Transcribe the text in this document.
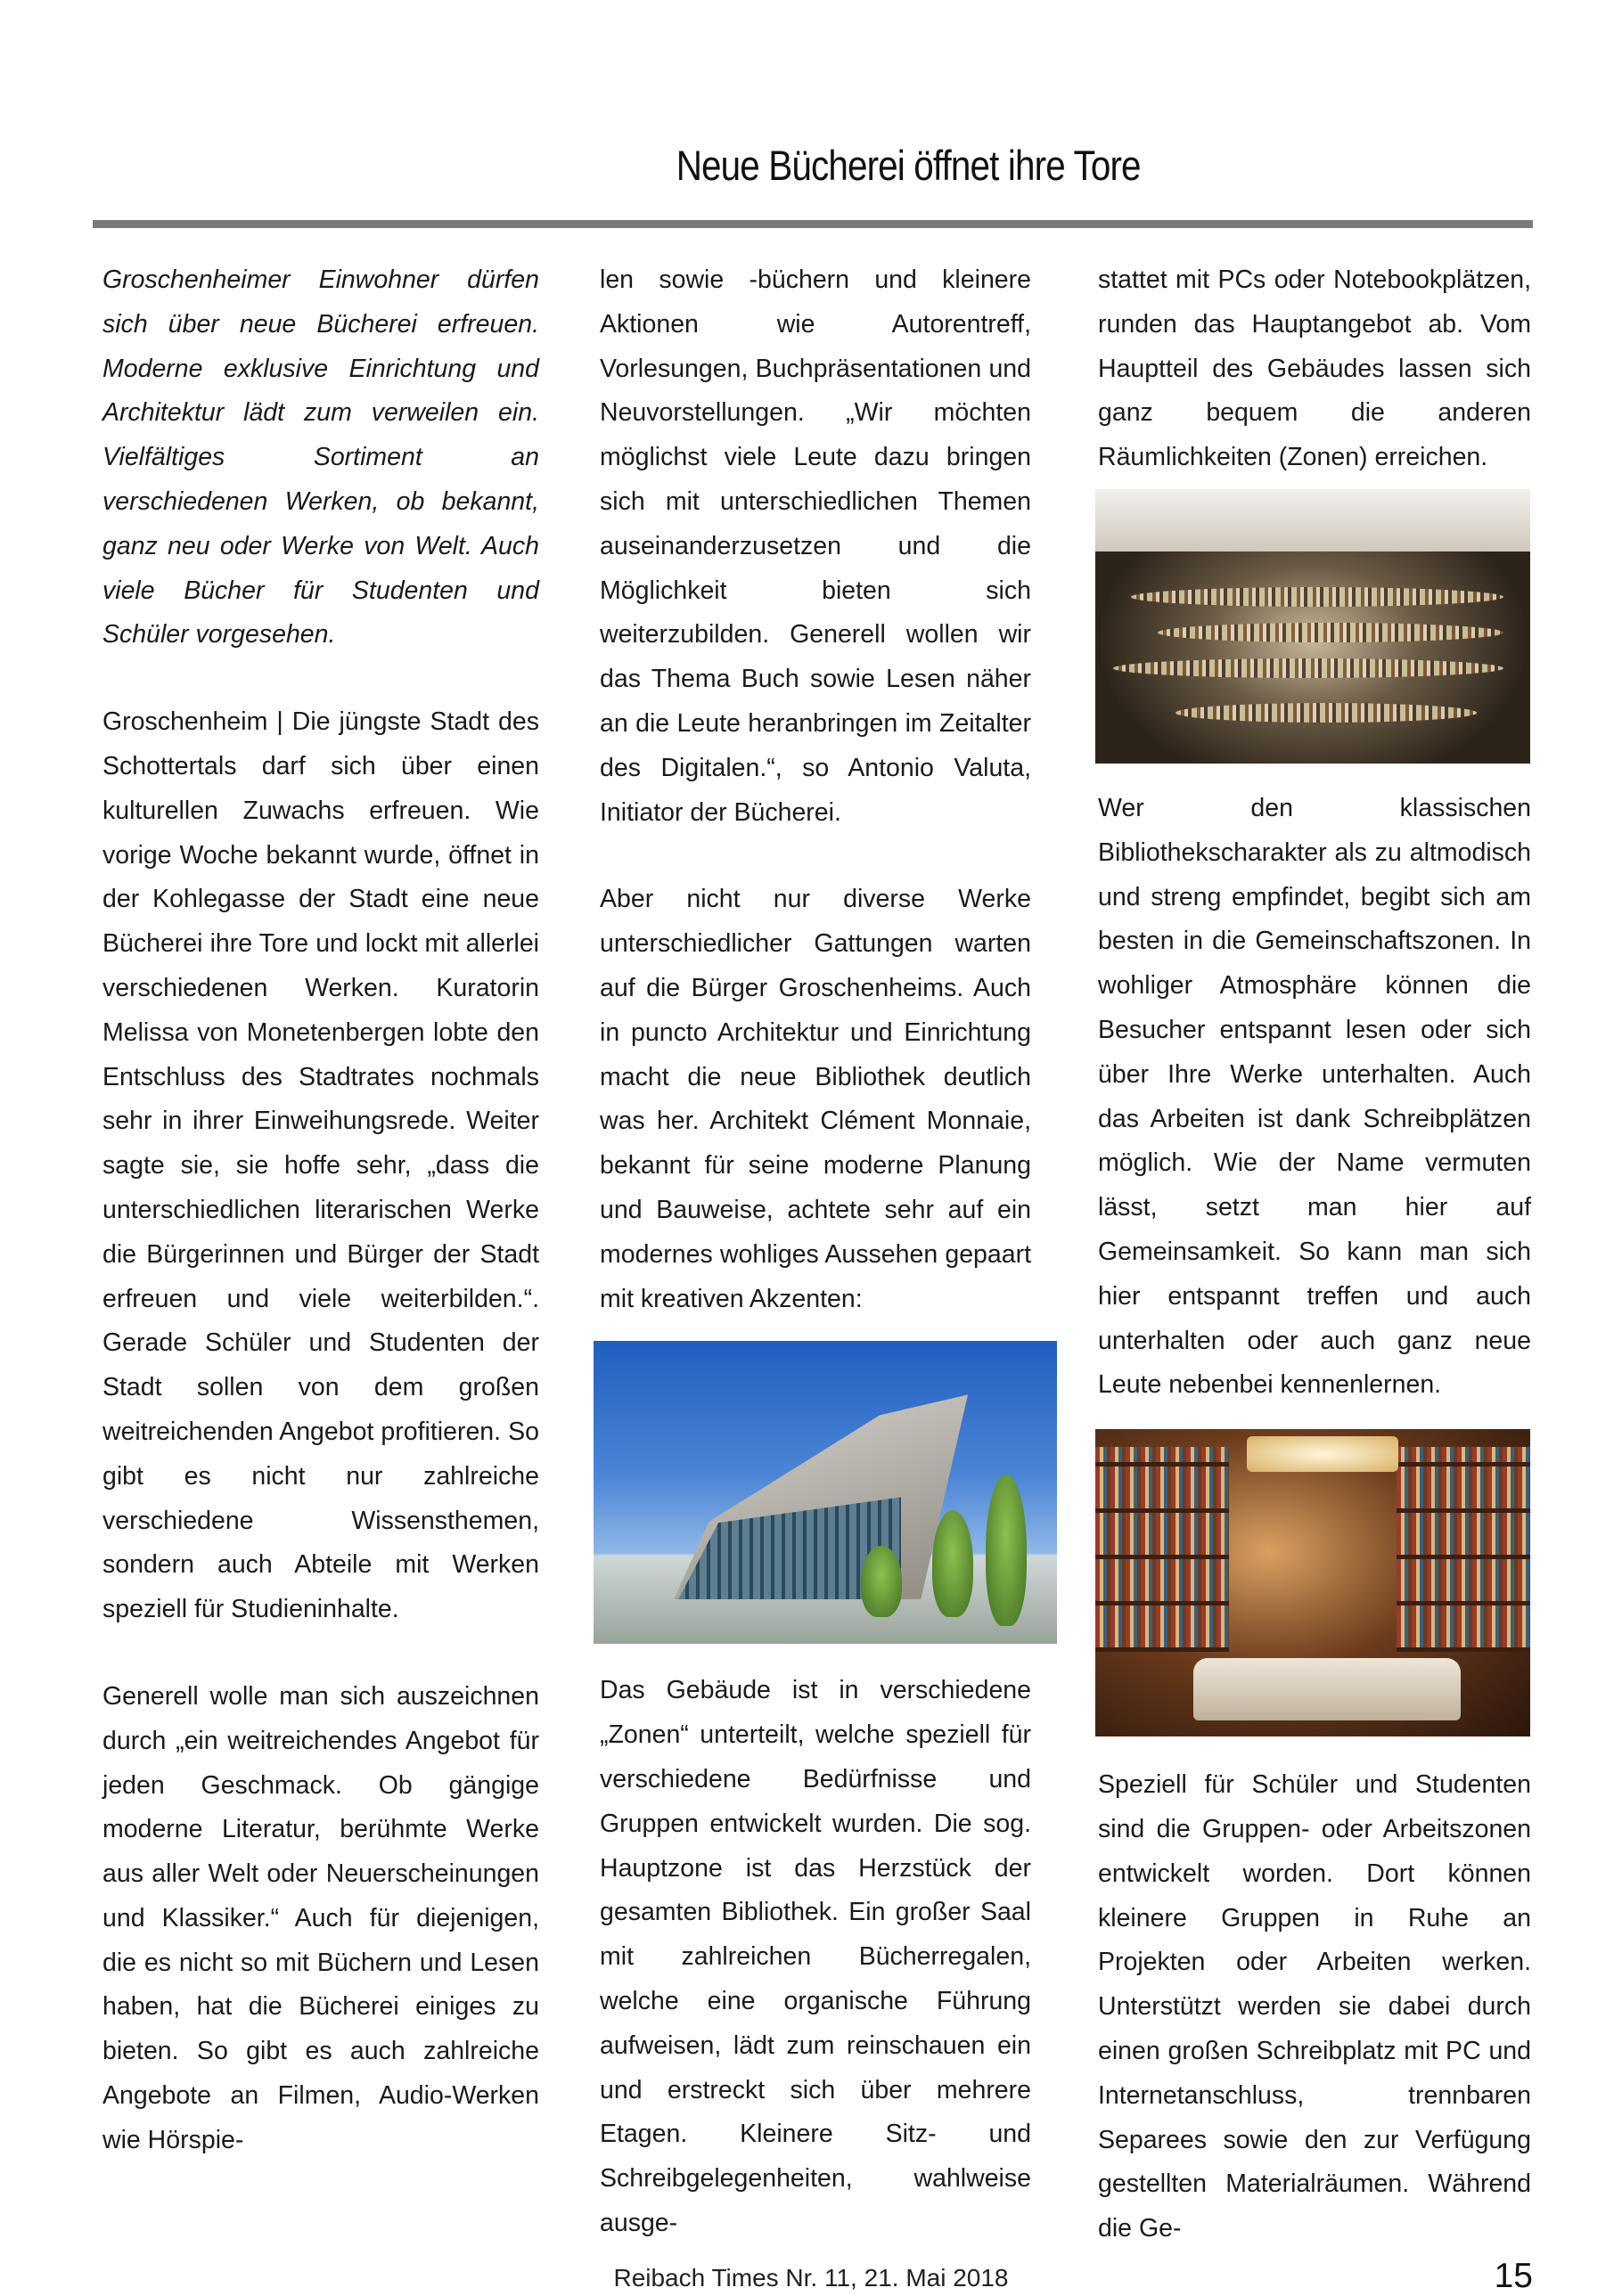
Neue Bücherei öffnet ihre Tore

Groschenheimer Einwohner dürfen sich über neue Bücherei erfreuen. Moderne exklusive Einrichtung und Architektur lädt zum verweilen ein. Vielfältiges Sortiment an verschiedenen Werken, ob bekannt, ganz neu oder Werke von Welt. Auch viele Bücher für Studenten und Schüler vorgesehen.

Groschenheim | Die jüngste Stadt des Schottertals darf sich über einen kulturellen Zuwachs erfreuen. Wie vorige Woche bekannt wurde, öffnet in der Kohlegasse der Stadt eine neue Bücherei ihre Tore und lockt mit allerlei verschiedenen Werken. Kuratorin Melissa von Monetenbergen lobte den Entschluss des Stadtrates nochmals sehr in ihrer Einweihungsrede. Weiter sagte sie, sie hoffe sehr, „dass die unterschiedlichen literarischen Werke die Bürgerinnen und Bürger der Stadt erfreuen und viele weiterbilden.“. Gerade Schüler und Studenten der Stadt sollen von dem großen weitreichenden Angebot profitieren. So gibt es nicht nur zahlreiche verschiedene Wissensthemen, sondern auch Abteile mit Werken speziell für Studieninhalte.

Generell wolle man sich auszeichnen durch „ein weitreichendes Angebot für jeden Geschmack. Ob gängige moderne Literatur, berühmte Werke aus aller Welt oder Neuerscheinungen und Klassiker.“ Auch für diejenigen, die es nicht so mit Büchern und Lesen haben, hat die Bücherei einiges zu bieten. So gibt es auch zahlreiche Angebote an Filmen, Audio-Werken wie Hörspie-

len sowie -büchern und kleinere Aktionen wie Autorentreff, Vorlesungen, Buchpräsentationen und Neuvorstellungen. „Wir möchten möglichst viele Leute dazu bringen sich mit unterschiedlichen Themen auseinanderzusetzen und die Möglichkeit bieten sich weiterzubilden. Generell wollen wir das Thema Buch sowie Lesen näher an die Leute heranbringen im Zeitalter des Digitalen.“, so Antonio Valuta, Initiator der Bücherei.

Aber nicht nur diverse Werke unterschiedlicher Gattungen warten auf die Bürger Groschenheims. Auch in puncto Architektur und Einrichtung macht die neue Bibliothek deutlich was her. Architekt Clément Monnaie, bekannt für seine moderne Planung und Bauweise, achtete sehr auf ein modernes wohliges Aussehen gepaart mit kreativen Akzenten:

Das Gebäude ist in verschiedene „Zonen“ unterteilt, welche speziell für verschiedene Bedürfnisse und Gruppen entwickelt wurden. Die sog. Hauptzone ist das Herzstück der gesamten Bibliothek. Ein großer Saal mit zahlreichen Bücherregalen, welche eine organische Führung aufweisen, lädt zum reinschauen ein und erstreckt sich über mehrere Etagen. Kleinere Sitz- und Schreibgelegenheiten, wahlweise ausge-

stattet mit PCs oder Notebookplätzen, runden das Hauptangebot ab. Vom Hauptteil des Gebäudes lassen sich ganz bequem die anderen Räumlichkeiten (Zonen) erreichen.

Wer den klassischen Bibliothekscharakter als zu altmodisch und streng empfindet, begibt sich am besten in die Gemeinschaftszonen. In wohliger Atmosphäre können die Besucher entspannt lesen oder sich über Ihre Werke unterhalten. Auch das Arbeiten ist dank Schreibplätzen möglich. Wie der Name vermuten lässt, setzt man hier auf Gemeinsamkeit. So kann man sich hier entspannt treffen und auch unterhalten oder auch ganz neue Leute nebenbei kennenlernen.

Speziell für Schüler und Studenten sind die Gruppen- oder Arbeitszonen entwickelt worden. Dort können kleinere Gruppen in Ruhe an Projekten oder Arbeiten werken. Unterstützt werden sie dabei durch einen großen Schreibplatz mit PC und Internetanschluss, trennbaren Separees sowie den zur Verfügung gestellten Materialräumen. Während die Ge-

Reibach Times Nr. 11, 21. Mai 2018	15
